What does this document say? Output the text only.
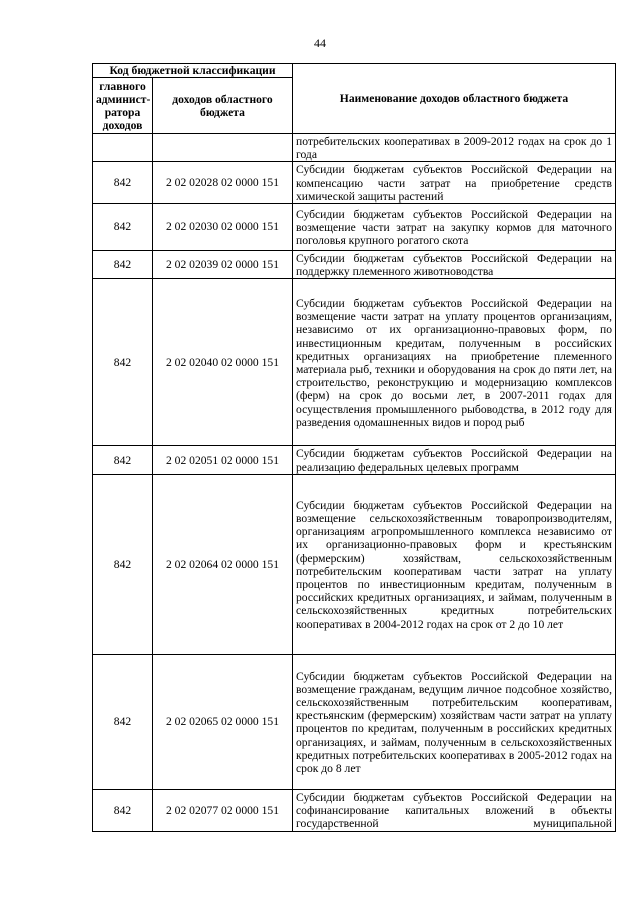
44
Код бюджетной классификации		Наименование доходов областного бюджета
главного админист-ратора доходов	доходов областного бюджета	
		потребительских кооперативах в 2009-2012 годах на срок до 1 года
842	2 02 02028 02 0000 151	Субсидии бюджетам субъектов Российской Федерации на компенсацию части затрат на приобретение средств химической защиты растений
842	2 02 02030 02 0000 151	Субсидии бюджетам субъектов Российской Федерации на возмещение части затрат на закупку кормов для маточного поголовья крупного рогатого скота
842	2 02 02039 02 0000 151	Субсидии бюджетам субъектов Российской Федерации на поддержку племенного животноводства
842	2 02 02040 02 0000 151	Субсидии бюджетам субъектов Российской Федерации на возмещение части затрат на уплату процентов организациям, независимо от их организационно-правовых форм, по инвестиционным кредитам, полученным в российских кредитных организациях на приобретение племенного материала рыб, техники и оборудования на срок до пяти лет, на строительство, реконструкцию и модернизацию комплексов (ферм) на срок до восьми лет, в 2007-2011 годах для осуществления промышленного рыбоводства, в 2012 году для разведения одомашненных видов и пород рыб
842	2 02 02051 02 0000 151	Субсидии бюджетам субъектов Российской Федерации на реализацию федеральных целевых программ
842	2 02 02064 02 0000 151	Субсидии бюджетам субъектов Российской Федерации на возмещение сельскохозяйственным товаропроизводителям, организациям агропромышленного комплекса независимо от их организационно-правовых форм и крестьянским (фермерским) хозяйствам, сельскохозяйственным потребительским кооперативам части затрат на уплату процентов по инвестиционным кредитам, полученным в российских кредитных организациях, и займам, полученным в сельскохозяйственных кредитных потребительских кооперативах в 2004-2012 годах на срок от 2 до 10 лет
842	2 02 02065 02 0000 151	Субсидии бюджетам субъектов Российской Федерации на возмещение гражданам, ведущим личное подсобное хозяйство, сельскохозяйственным потребительским кооперативам, крестьянским (фермерским) хозяйствам части затрат на уплату процентов по кредитам, полученным в российских кредитных организациях, и займам, полученным в сельскохозяйственных кредитных потребительских кооперативах в 2005-2012 годах на срок до 8 лет
842	2 02 02077 02 0000 151	Субсидии бюджетам субъектов Российской Федерации на софинансирование капитальных вложений в объекты государственной муниципальной
